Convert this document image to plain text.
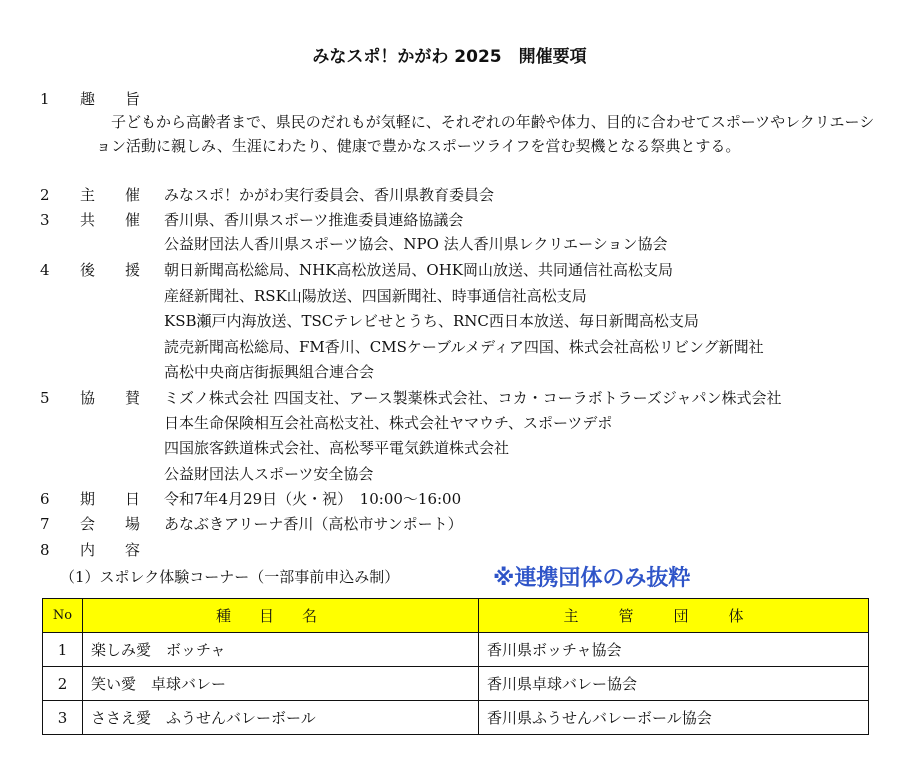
みなスポ！かがわ 2025　開催要項
1 趣 旨
子どもから高齢者まで、県民のだれもが気軽に、それぞれの年齢や体力、目的に合わせてスポーツやレクリエーション活動に親しみ、生涯にわたり、健康で豊かなスポーツライフを営む契機となる祭典とする。
2 主 催 みなスポ！かがわ実行委員会、香川県教育委員会
3 共 催 香川県、香川県スポーツ推進委員連絡協議会
公益財団法人香川県スポーツ協会、NPO 法人香川県レクリエーション協会
4 後 援 朝日新聞高松総局、NHK高松放送局、OHK岡山放送、共同通信社高松支局
産経新聞社、RSK山陽放送、四国新聞社、時事通信社高松支局
KSB瀬戸内海放送、TSCテレビせとうち、RNC西日本放送、毎日新聞高松支局
読売新聞高松総局、FM香川、CMSケーブルメディア四国、株式会社高松リビング新聞社
高松中央商店街振興組合連合会
5 協 賛 ミズノ株式会社 四国支社、アース製薬株式会社、コカ・コーラボトラーズジャパン株式会社
日本生命保険相互会社高松支社、株式会社ヤマウチ、スポーツデポ
四国旅客鉄道株式会社、高松琴平電気鉄道株式会社
公益財団法人スポーツ安全協会
6 期 日 令和7年4月29日（火・祝）　10:00～16:00
7 会 場 あなぶきアリーナ香川（高松市サンポート）
8 内 容
（1）スポレク体験コーナー（一部事前申込み制）	※連携団体のみ抜粋
No	種目名	主管団体
1	楽しみ愛　ボッチャ	香川県ボッチャ協会
2	笑い愛　卓球バレー	香川県卓球バレー協会
3	ささえ愛　ふうせんバレーボール	香川県ふうせんバレーボール協会
